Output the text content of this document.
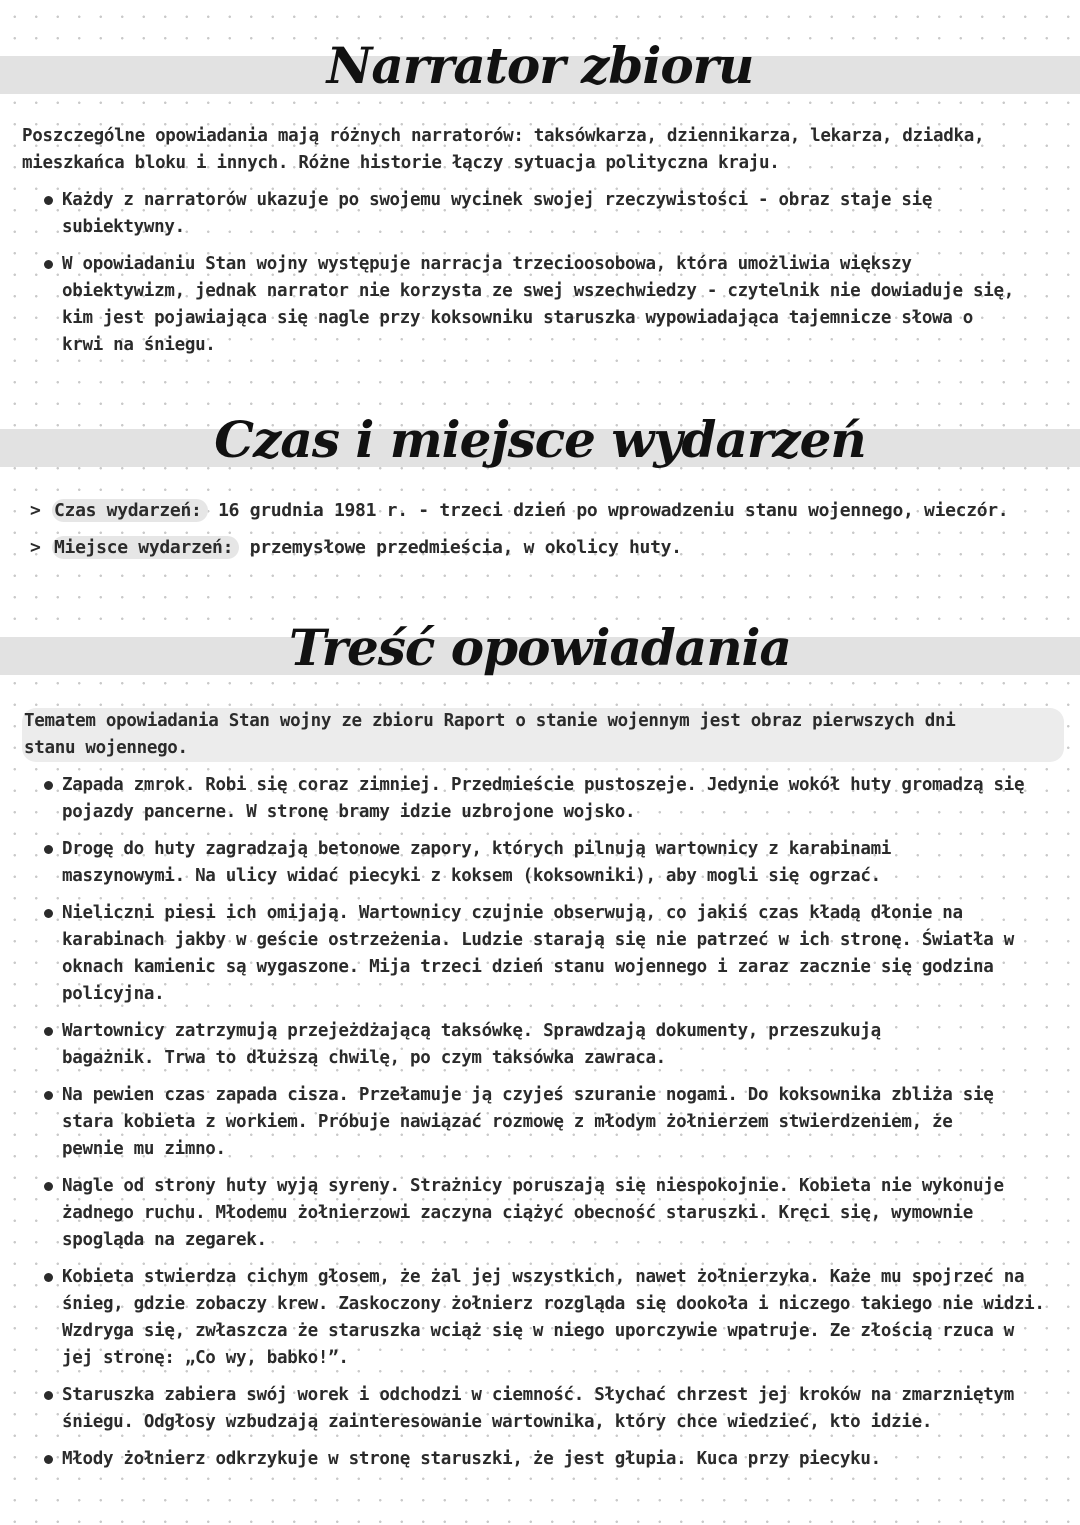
Narrator zbioru
Poszczególne opowiadania mają różnych narratorów: taksówkarza, dziennikarza, lekarza, dziadka,
mieszkańca bloku i innych. Różne historie łączy sytuacja polityczna kraju.
Każdy z narratorów ukazuje po swojemu wycinek swojej rzeczywistości - obraz staje się
subiektywny.
W opowiadaniu Stan wojny występuje narracja trzecioosobowa, która umożliwia większy
obiektywizm, jednak narrator nie korzysta ze swej wszechwiedzy - czytelnik nie dowiaduje się,
kim jest pojawiająca się nagle przy koksowniku staruszka wypowiadająca tajemnicze słowa o
krwi na śniegu.
Czas i miejsce wydarzeń
> Czas wydarzeń: 16 grudnia 1981 r. - trzeci dzień po wprowadzeniu stanu wojennego, wieczór.
> Miejsce wydarzeń: przemysłowe przedmieścia, w okolicy huty.
Treść opowiadania
Tematem opowiadania Stan wojny ze zbioru Raport o stanie wojennym jest obraz pierwszych dni
stanu wojennego.
Zapada zmrok. Robi się coraz zimniej. Przedmieście pustoszeje. Jedynie wokół huty gromadzą się
pojazdy pancerne. W stronę bramy idzie uzbrojone wojsko.
Drogę do huty zagradzają betonowe zapory, których pilnują wartownicy z karabinami
maszynowymi. Na ulicy widać piecyki z koksem (koksowniki), aby mogli się ogrzać.
Nieliczni piesi ich omijają. Wartownicy czujnie obserwują, co jakiś czas kładą dłonie na
karabinach jakby w geście ostrzeżenia. Ludzie starają się nie patrzeć w ich stronę. Światła w
oknach kamienic są wygaszone. Mija trzeci dzień stanu wojennego i zaraz zacznie się godzina
policyjna.
Wartownicy zatrzymują przejeżdżającą taksówkę. Sprawdzają dokumenty, przeszukują
bagażnik. Trwa to dłuższą chwilę, po czym taksówka zawraca.
Na pewien czas zapada cisza. Przełamuje ją czyjeś szuranie nogami. Do koksownika zbliża się
stara kobieta z workiem. Próbuje nawiązać rozmowę z młodym żołnierzem stwierdzeniem, że
pewnie mu zimno.
Nagle od strony huty wyją syreny. Strażnicy poruszają się niespokojnie. Kobieta nie wykonuje
żadnego ruchu. Młodemu żołnierzowi zaczyna ciążyć obecność staruszki. Kręci się, wymownie
spogląda na zegarek.
Kobieta stwierdza cichym głosem, że żal jej wszystkich, nawet żołnierzyka. Każe mu spojrzeć na
śnieg, gdzie zobaczy krew. Zaskoczony żołnierz rozgląda się dookoła i niczego takiego nie widzi.
Wzdryga się, zwłaszcza że staruszka wciąż się w niego uporczywie wpatruje. Ze złością rzuca w
jej stronę: „Co wy, babko!”.
Staruszka zabiera swój worek i odchodzi w ciemność. Słychać chrzest jej kroków na zmarzniętym
śniegu. Odgłosy wzbudzają zainteresowanie wartownika, który chce wiedzieć, kto idzie.
Młody żołnierz odkrzykuje w stronę staruszki, że jest głupia. Kuca przy piecyku.
